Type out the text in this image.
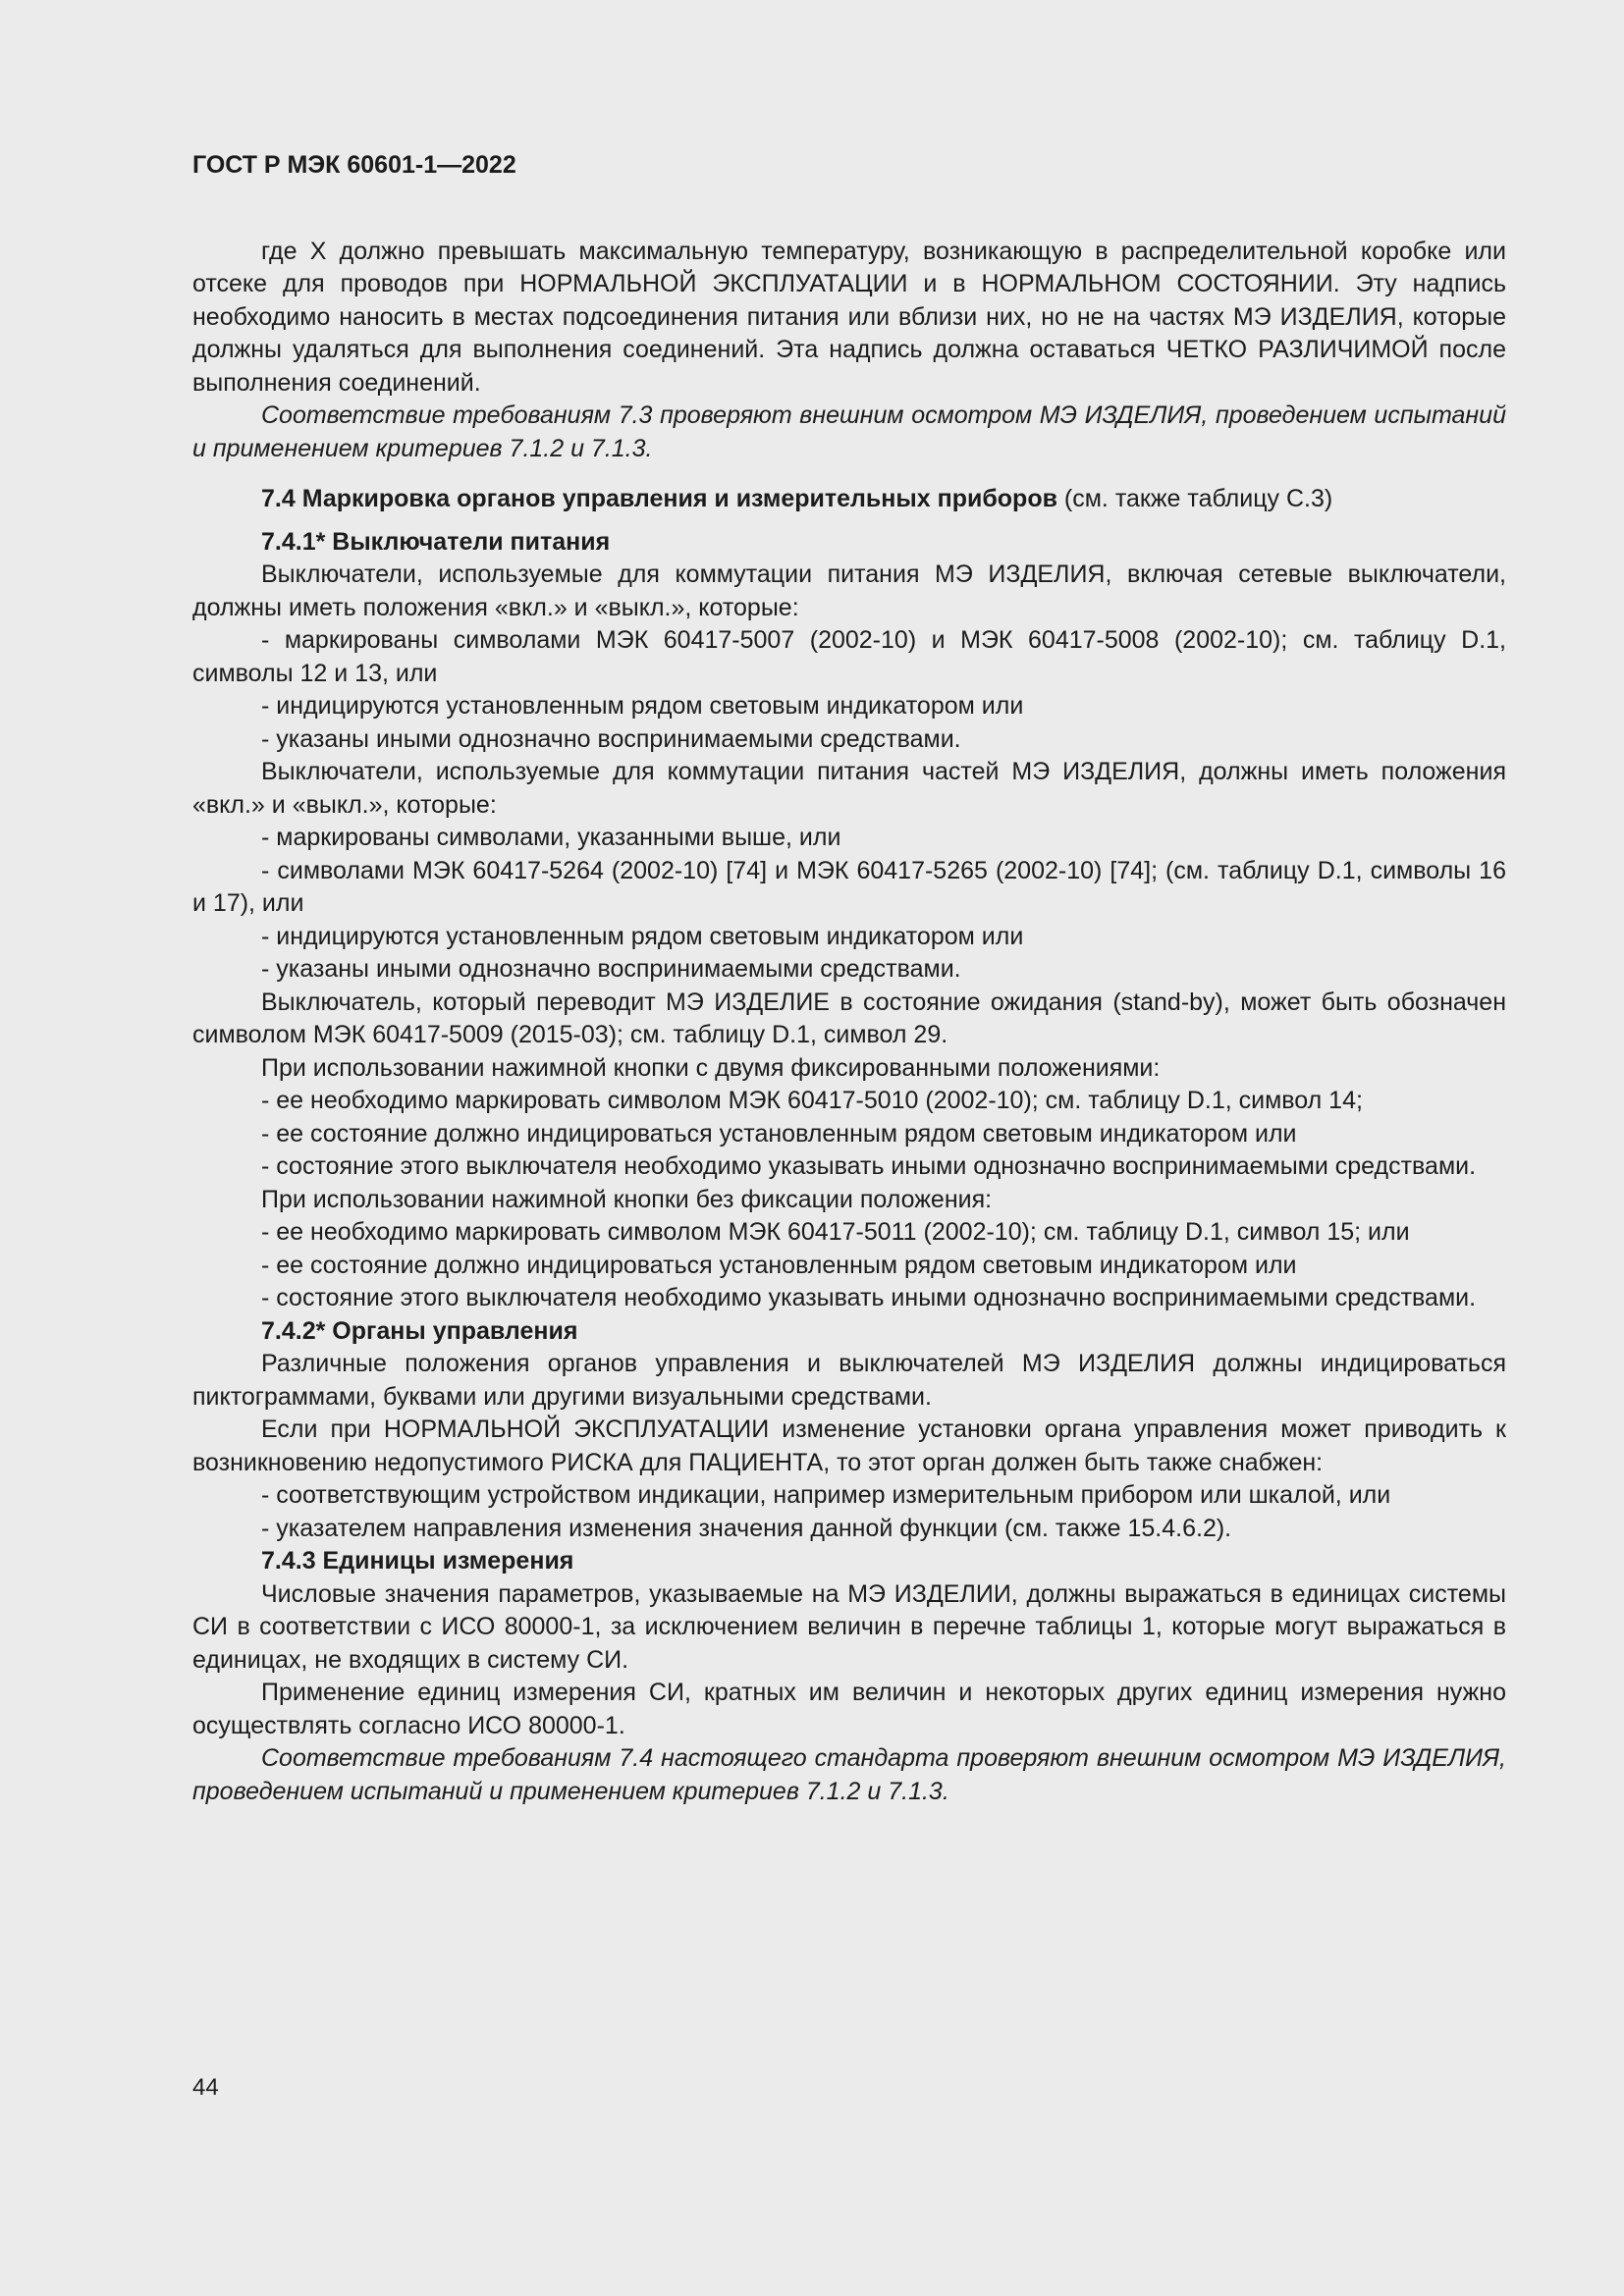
ГОСТ Р МЭК 60601-1—2022

где X должно превышать максимальную температуру, возникающую в распределительной коробке или отсеке для проводов при НОРМАЛЬНОЙ ЭКСПЛУАТАЦИИ и в НОРМАЛЬНОМ СОСТОЯНИИ. Эту надпись необходимо наносить в местах подсоединения питания или вблизи них, но не на частях МЭ ИЗДЕЛИЯ, которые должны удаляться для выполнения соединений. Эта надпись должна оставаться ЧЕТКО РАЗЛИЧИМОЙ после выполнения соединений.

Соответствие требованиям 7.3 проверяют внешним осмотром МЭ ИЗДЕЛИЯ, проведением испытаний и применением критериев 7.1.2 и 7.1.3.

7.4 Маркировка органов управления и измерительных приборов (см. также таблицу С.3)

7.4.1* Выключатели питания

Выключатели, используемые для коммутации питания МЭ ИЗДЕЛИЯ, включая сетевые выключатели, должны иметь положения «вкл.» и «выкл.», которые:

- маркированы символами МЭК 60417-5007 (2002-10) и МЭК 60417-5008 (2002-10); см. таблицу D.1, символы 12 и 13, или

- индицируются установленным рядом световым индикатором или

- указаны иными однозначно воспринимаемыми средствами.

Выключатели, используемые для коммутации питания частей МЭ ИЗДЕЛИЯ, должны иметь положения «вкл.» и «выкл.», которые:

- маркированы символами, указанными выше, или

- символами МЭК 60417-5264 (2002-10) [74] и МЭК 60417-5265 (2002-10) [74]; (см. таблицу D.1, символы 16 и 17), или

- индицируются установленным рядом световым индикатором или

- указаны иными однозначно воспринимаемыми средствами.

Выключатель, который переводит МЭ ИЗДЕЛИЕ в состояние ожидания (stand-by), может быть обозначен символом МЭК 60417-5009 (2015-03); см. таблицу D.1, символ 29.

При использовании нажимной кнопки с двумя фиксированными положениями:

- ее необходимо маркировать символом МЭК 60417-5010 (2002-10); см. таблицу D.1, символ 14;

- ее состояние должно индицироваться установленным рядом световым индикатором или

- состояние этого выключателя необходимо указывать иными однозначно воспринимаемыми средствами.

При использовании нажимной кнопки без фиксации положения:

- ее необходимо маркировать символом МЭК 60417-5011 (2002-10); см. таблицу D.1, символ 15; или

- ее состояние должно индицироваться установленным рядом световым индикатором или

- состояние этого выключателя необходимо указывать иными однозначно воспринимаемыми средствами.

7.4.2* Органы управления

Различные положения органов управления и выключателей МЭ ИЗДЕЛИЯ должны индицироваться пиктограммами, буквами или другими визуальными средствами.

Если при НОРМАЛЬНОЙ ЭКСПЛУАТАЦИИ изменение установки органа управления может приводить к возникновению недопустимого РИСКА для ПАЦИЕНТА, то этот орган должен быть также снабжен:

- соответствующим устройством индикации, например измерительным прибором или шкалой, или

- указателем направления изменения значения данной функции (см. также 15.4.6.2).

7.4.3 Единицы измерения

Числовые значения параметров, указываемые на МЭ ИЗДЕЛИИ, должны выражаться в единицах системы СИ в соответствии с ИСО 80000-1, за исключением величин в перечне таблицы 1, которые могут выражаться в единицах, не входящих в систему СИ.

Применение единиц измерения СИ, кратных им величин и некоторых других единиц измерения нужно осуществлять согласно ИСО 80000-1.

Соответствие требованиям 7.4 настоящего стандарта проверяют внешним осмотром МЭ ИЗДЕЛИЯ, проведением испытаний и применением критериев 7.1.2 и 7.1.3.

44
